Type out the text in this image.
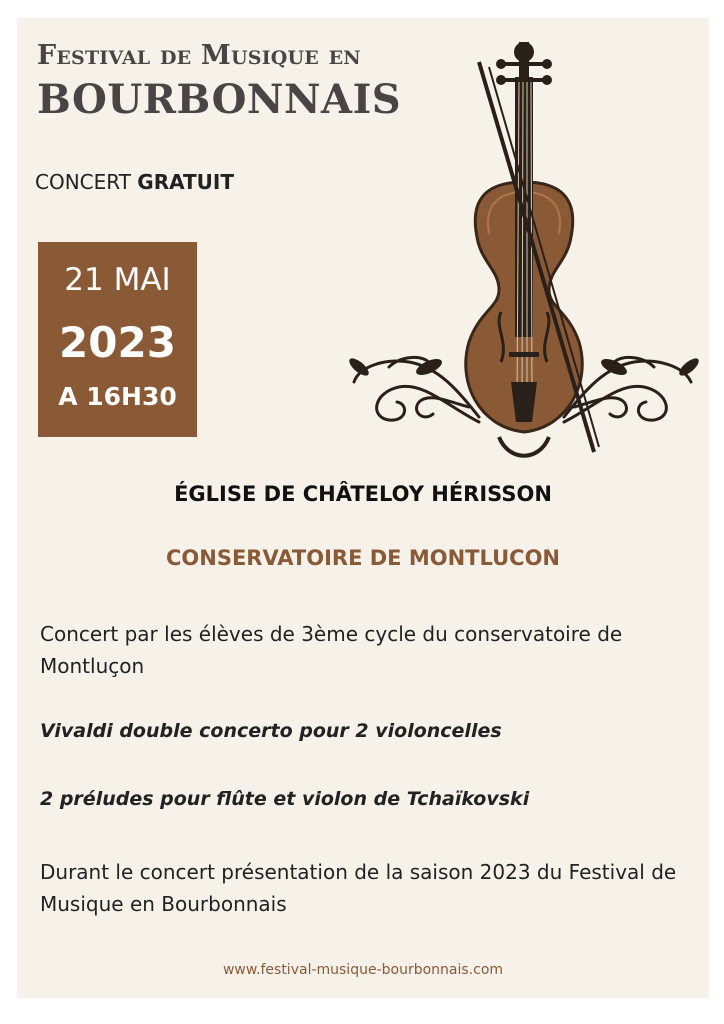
Festival de Musique en
BOURBONNAIS
CONCERT GRATUIT
21 MAI
2023
A 16H30
ÉGLISE DE CHÂTELOY HÉRISSON
CONSERVATOIRE DE MONTLUCON
Concert par les élèves de 3ème cycle du conservatoire de Montluçon
Vivaldi double concerto pour 2 violoncelles
2 préludes pour flûte et violon de Tchaïkovski
Durant le concert présentation de la saison 2023 du Festival de Musique en Bourbonnais
www.festival-musique-bourbonnais.com
